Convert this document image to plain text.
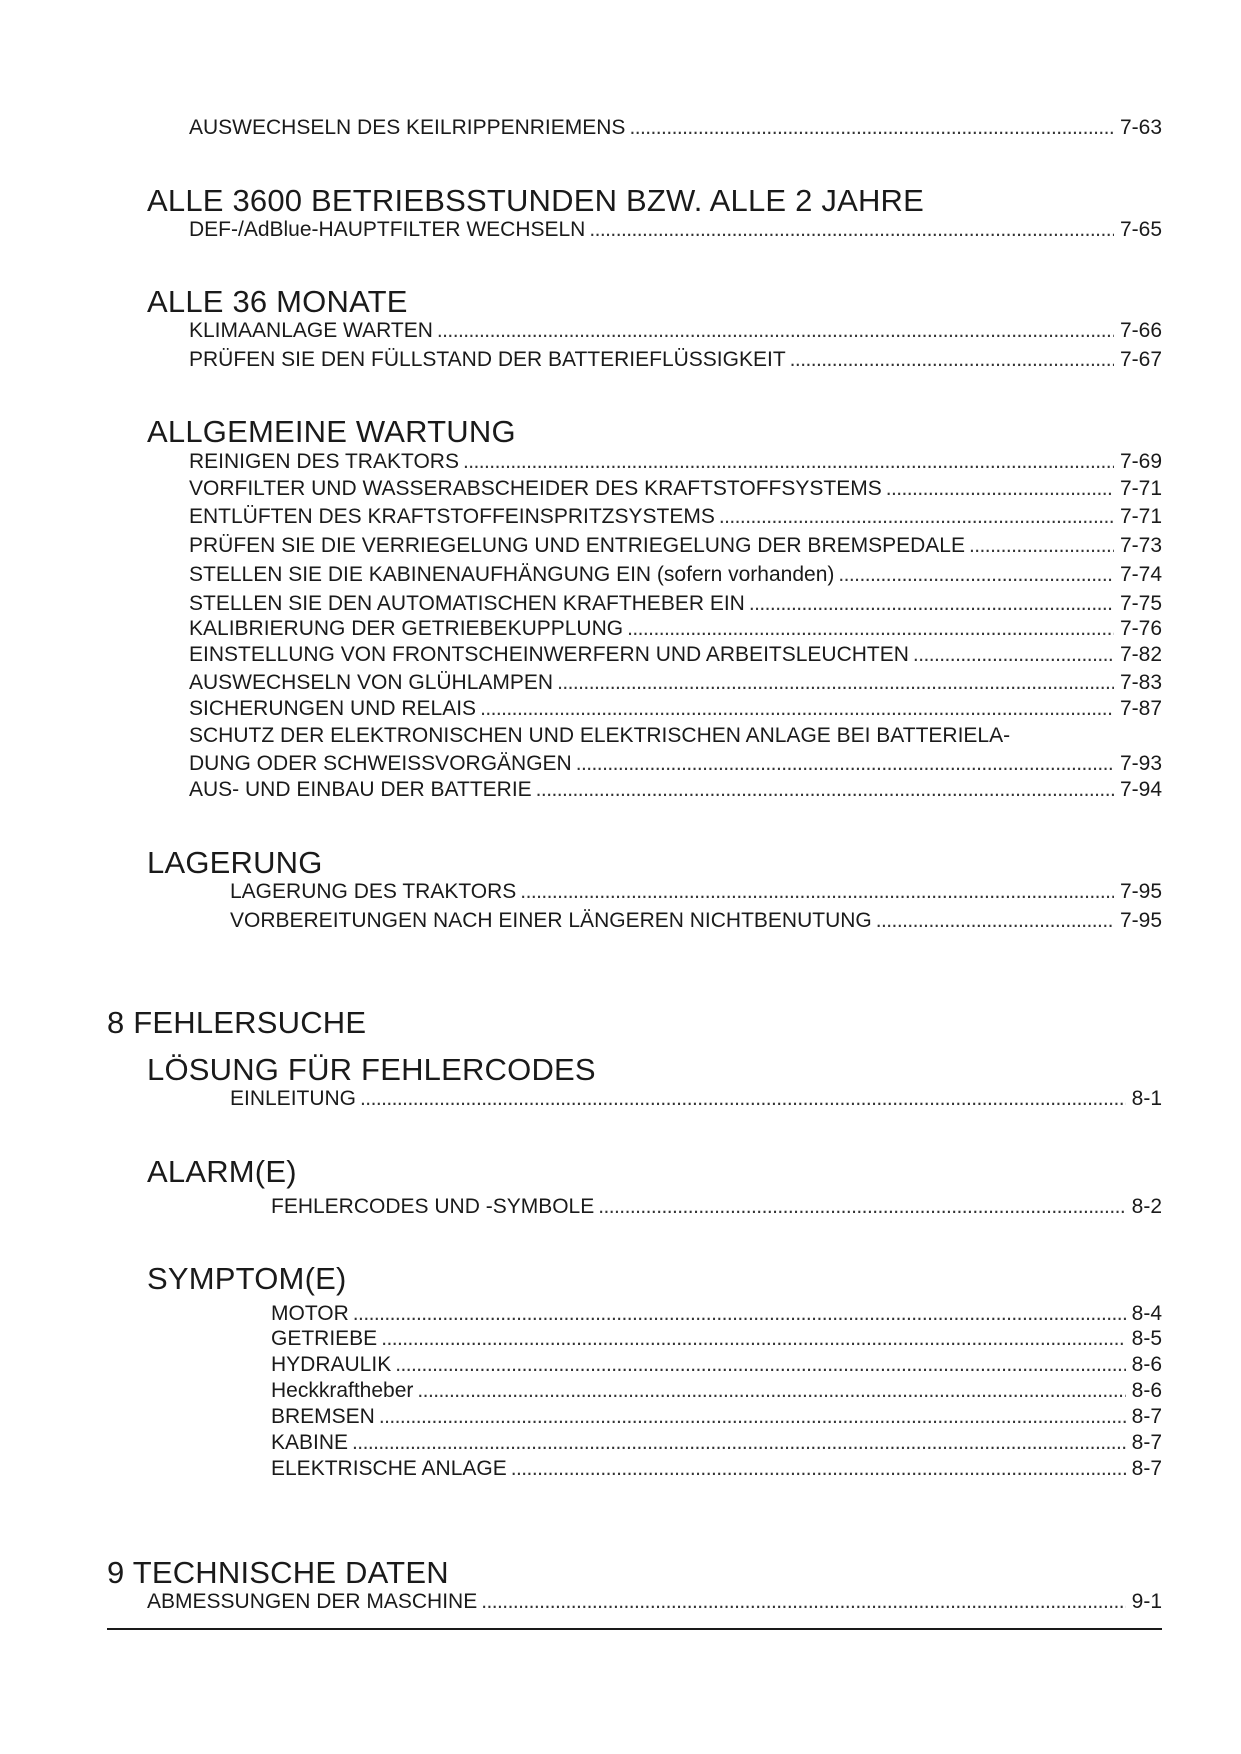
AUSWECHSELN DES KEILRIPPENRIEMENS . . .	7-63
ALLE 3600 BETRIEBSSTUNDEN BZW. ALLE 2 JAHRE
DEF-/AdBlue-HAUPTFILTER WECHSELN . . .	7-65
ALLE 36 MONATE
KLIMAANLAGE WARTEN . . .	7-66
PRÜFEN SIE DEN FÜLLSTAND DER BATTERIEFLÜSSIGKEIT . . .	7-67
ALLGEMEINE WARTUNG
REINIGEN DES TRAKTORS . . .	7-69
VORFILTER UND WASSERABSCHEIDER DES KRAFTSTOFFSYSTEMS . . .	7-71
ENTLÜFTEN DES KRAFTSTOFFEINSPRITZSYSTEMS . . .	7-71
PRÜFEN SIE DIE VERRIEGELUNG UND ENTRIEGELUNG DER BREMSPEDALE . . .	7-73
STELLEN SIE DIE KABINENAUFHÄNGUNG EIN (sofern vorhanden) . . .	7-74
STELLEN SIE DEN AUTOMATISCHEN KRAFTHEBER EIN . . .	7-75
KALIBRIERUNG DER GETRIEBEKUPPLUNG . . .	7-76
EINSTELLUNG VON FRONTSCHEINWERFERN UND ARBEITSLEUCHTEN . . .	7-82
AUSWECHSELN VON GLÜHLAMPEN . . .	7-83
SICHERUNGEN UND RELAIS . . .	7-87
SCHUTZ DER ELEKTRONISCHEN UND ELEKTRISCHEN ANLAGE BEI BATTERIELA-
DUNG ODER SCHWEISSVORGÄNGEN . . .	7-93
AUS- UND EINBAU DER BATTERIE . . .	7-94
LAGERUNG
LAGERUNG DES TRAKTORS . . .	7-95
VORBEREITUNGEN NACH EINER LÄNGEREN NICHTBENUTUNG . . .	7-95
8 FEHLERSUCHE
LÖSUNG FÜR FEHLERCODES
EINLEITUNG . . .	8-1
ALARM(E)
FEHLERCODES UND -SYMBOLE . . .	8-2
SYMPTOM(E)
MOTOR . . .	8-4
GETRIEBE . . .	8-5
HYDRAULIK . . .	8-6
Heckkraftheber . . .	8-6
BREMSEN . . .	8-7
KABINE . . .	8-7
ELEKTRISCHE ANLAGE . . .	8-7
9 TECHNISCHE DATEN
ABMESSUNGEN DER MASCHINE . . .	9-1
